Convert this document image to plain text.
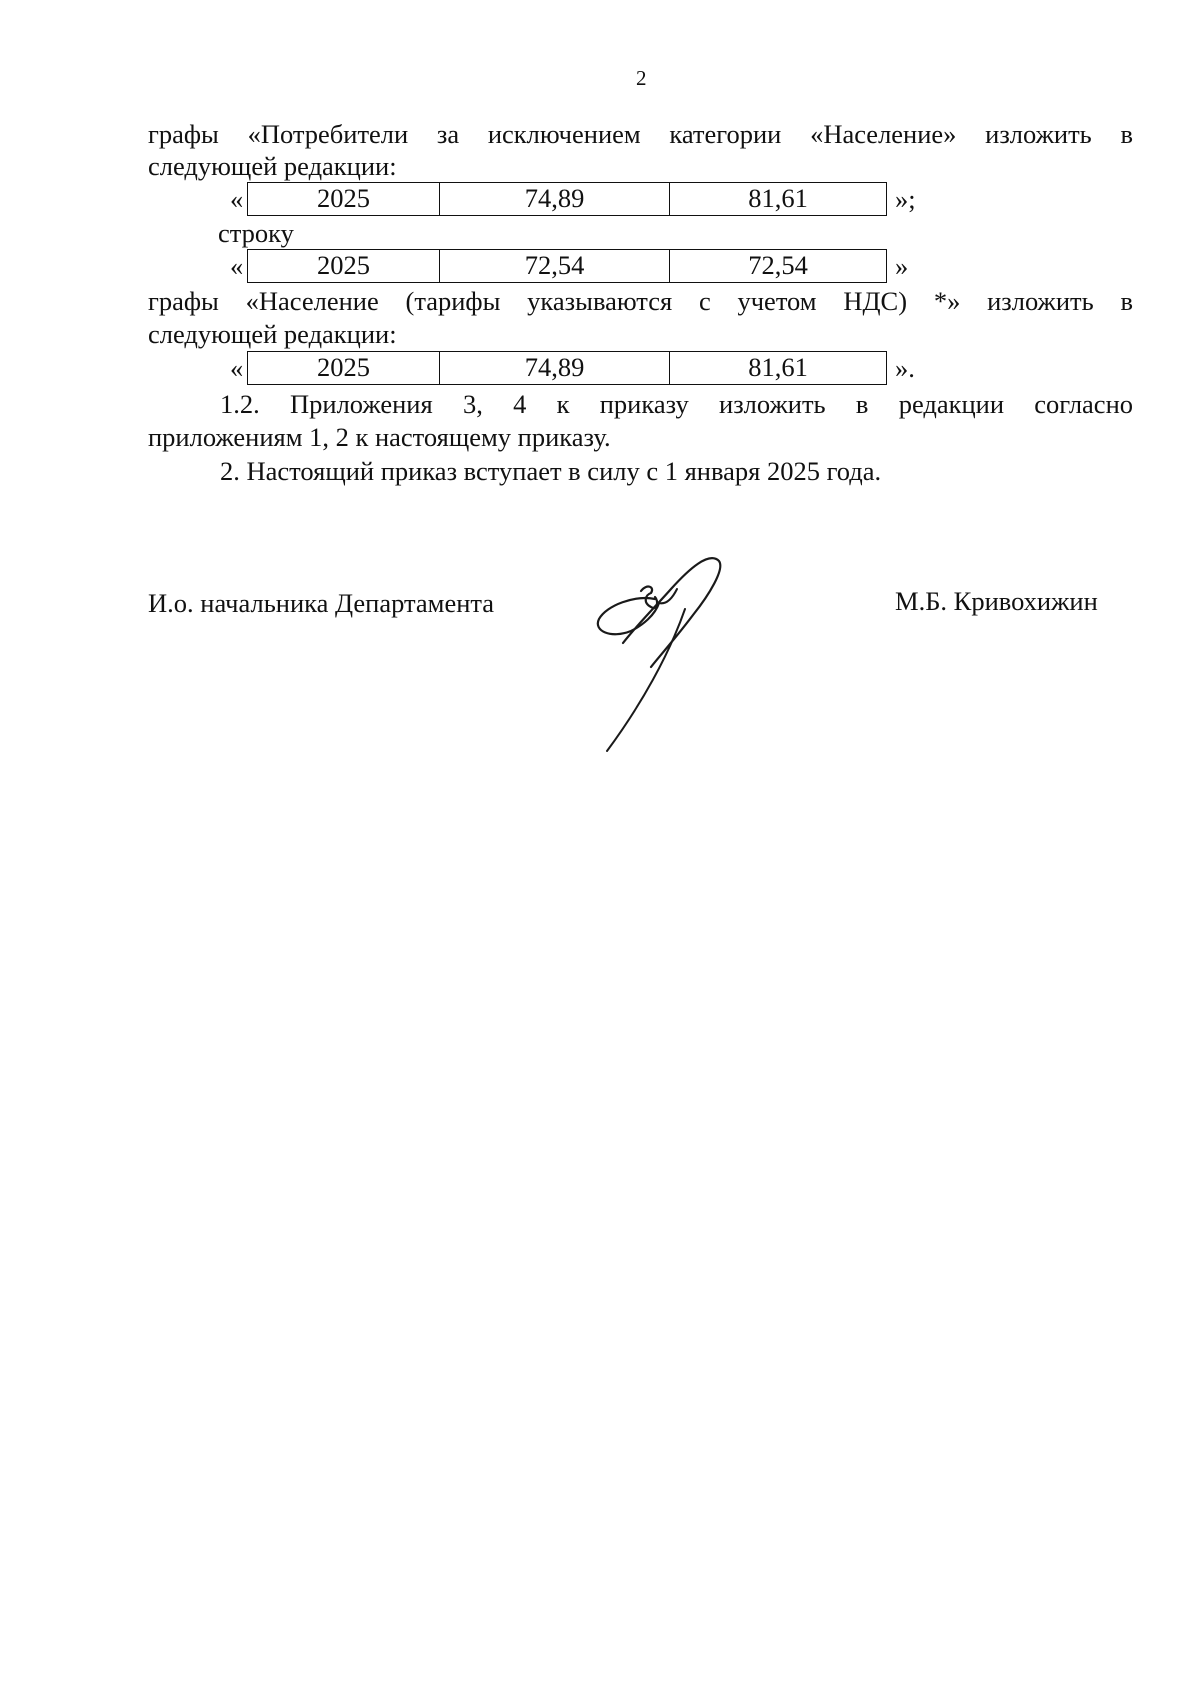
2
графы «Потребители за исключением категории «Население» изложить в
следующей редакции:
«	2025	74,89	81,61	»;
строку
«	2025	72,54	72,54	»
графы «Население (тарифы указываются с учетом НДС) *» изложить в
следующей редакции:
«	2025	74,89	81,61	».
1.2. Приложения 3, 4 к приказу изложить в редакции согласно
приложениям 1, 2 к настоящему приказу.
2. Настоящий приказ вступает в силу с 1 января 2025 года.
И.о. начальника Департамента	М.Б. Кривохижин
